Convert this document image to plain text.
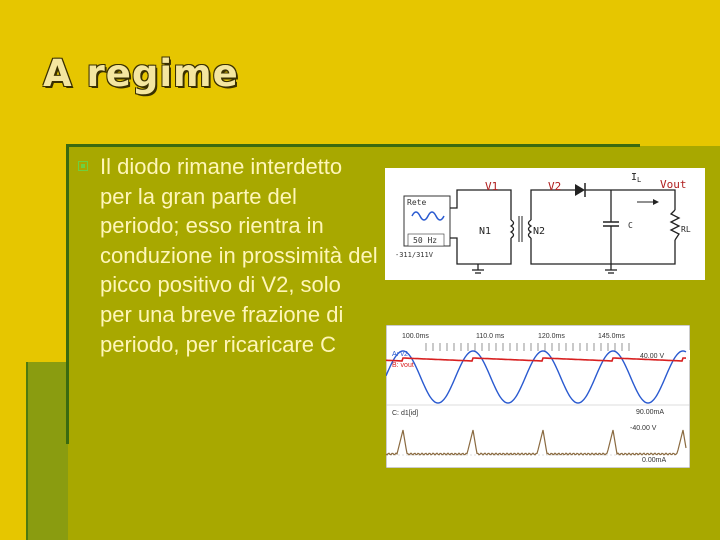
A regime
Il diodo rimane interdetto per la gran parte del periodo; esso rientra in conduzione in prossimità del picco positivo di V2, solo per una breve frazione di periodo, per ricaricare C
Rete
50 Hz
-311/311V
V1
N1	N2
V2
C
$I_L$ Vout
RL
100.0ms	110.0 ms	120.0ms	145.0ms
A: v2
B: vout
C: d1[id]
40.00 V
-40.00 V
90.00mA
0.00mA
